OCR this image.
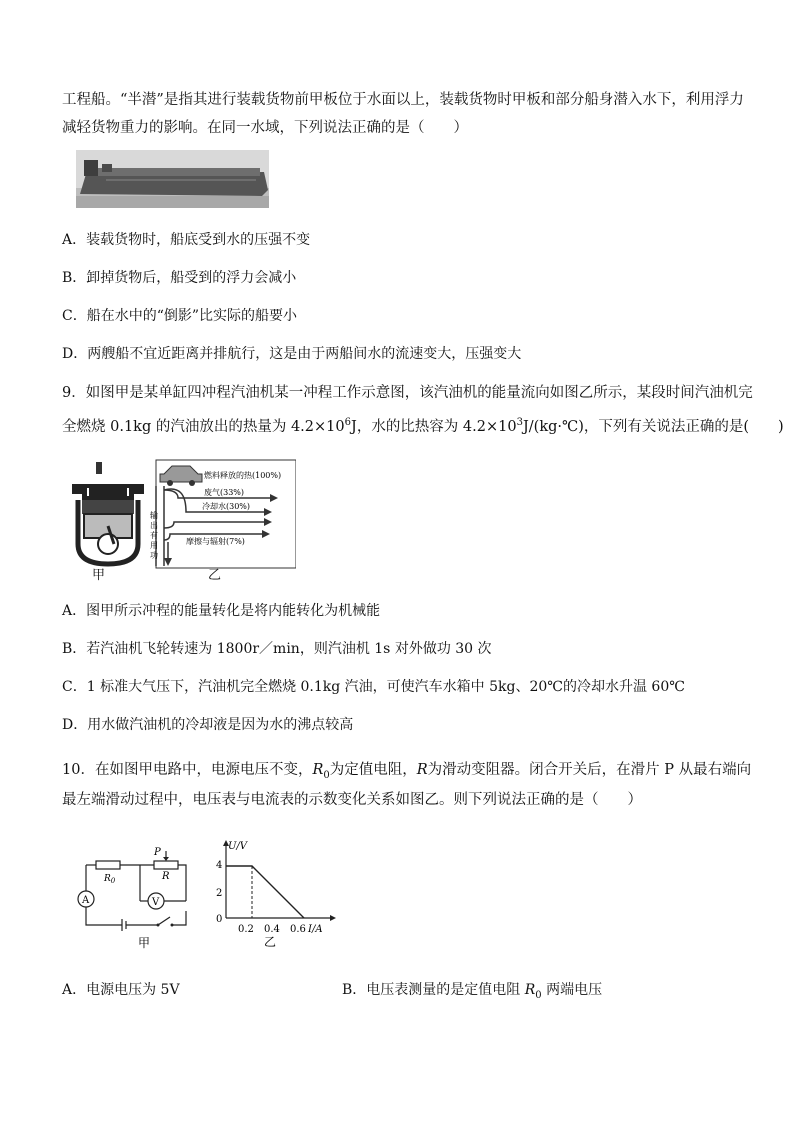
工程船。“半潜”是指其进行装载货物前甲板位于水面以上，装载货物时甲板和部分船身潜入水下，利用浮力
减轻货物重力的影响。在同一水域，下列说法正确的是（　　）
A．装载货物时，船底受到水的压强不变
B．卸掉货物后，船受到的浮力会减小
C．船在水中的“倒影”比实际的船要小
D．两艘船不宜近距离并排航行，这是由于两船间水的流速变大，压强变大
9．如图甲是某单缸四冲程汽油机某一冲程工作示意图，该汽油机的能量流向如图乙所示，某段时间汽油机完
全燃烧 0.1kg 的汽油放出的热量为 $4.2\times 10^6J$，水的比热容为 $4.2\times 10^3J/(kg\cdot℃)$，下列有关说法正确的是(　　)
甲
燃料释放的热(100%)
废气(33%)
冷却水(30%)
摩擦与辐射(7%)
输
出
有
用
功
乙
A．图甲所示冲程的能量转化是将内能转化为机械能
B．若汽油机飞轮转速为 1800r／min，则汽油机 1s 对外做功 30 次
C．1 标准大气压下，汽油机完全燃烧 0.1kg 汽油，可使汽车水箱中 5kg、20℃的冷却水升温 60℃
D．用水做汽油机的冷却液是因为水的沸点较高
10．在如图甲电路中，电源电压不变，$R_0$为定值电阻，R为滑动变阻器。闭合开关后，在滑片 P 从最右端向
最左端滑动过程中，电压表与电流表的示数变化关系如图乙。则下列说法正确的是（　　）
P
R
$R_0$
A	V
甲
U/V
4
2
0
0.2 0.4 0.6 I/A
乙
A．电源电压为 5V	B．电压表测量的是定值电阻 $R_0$ 两端电压
